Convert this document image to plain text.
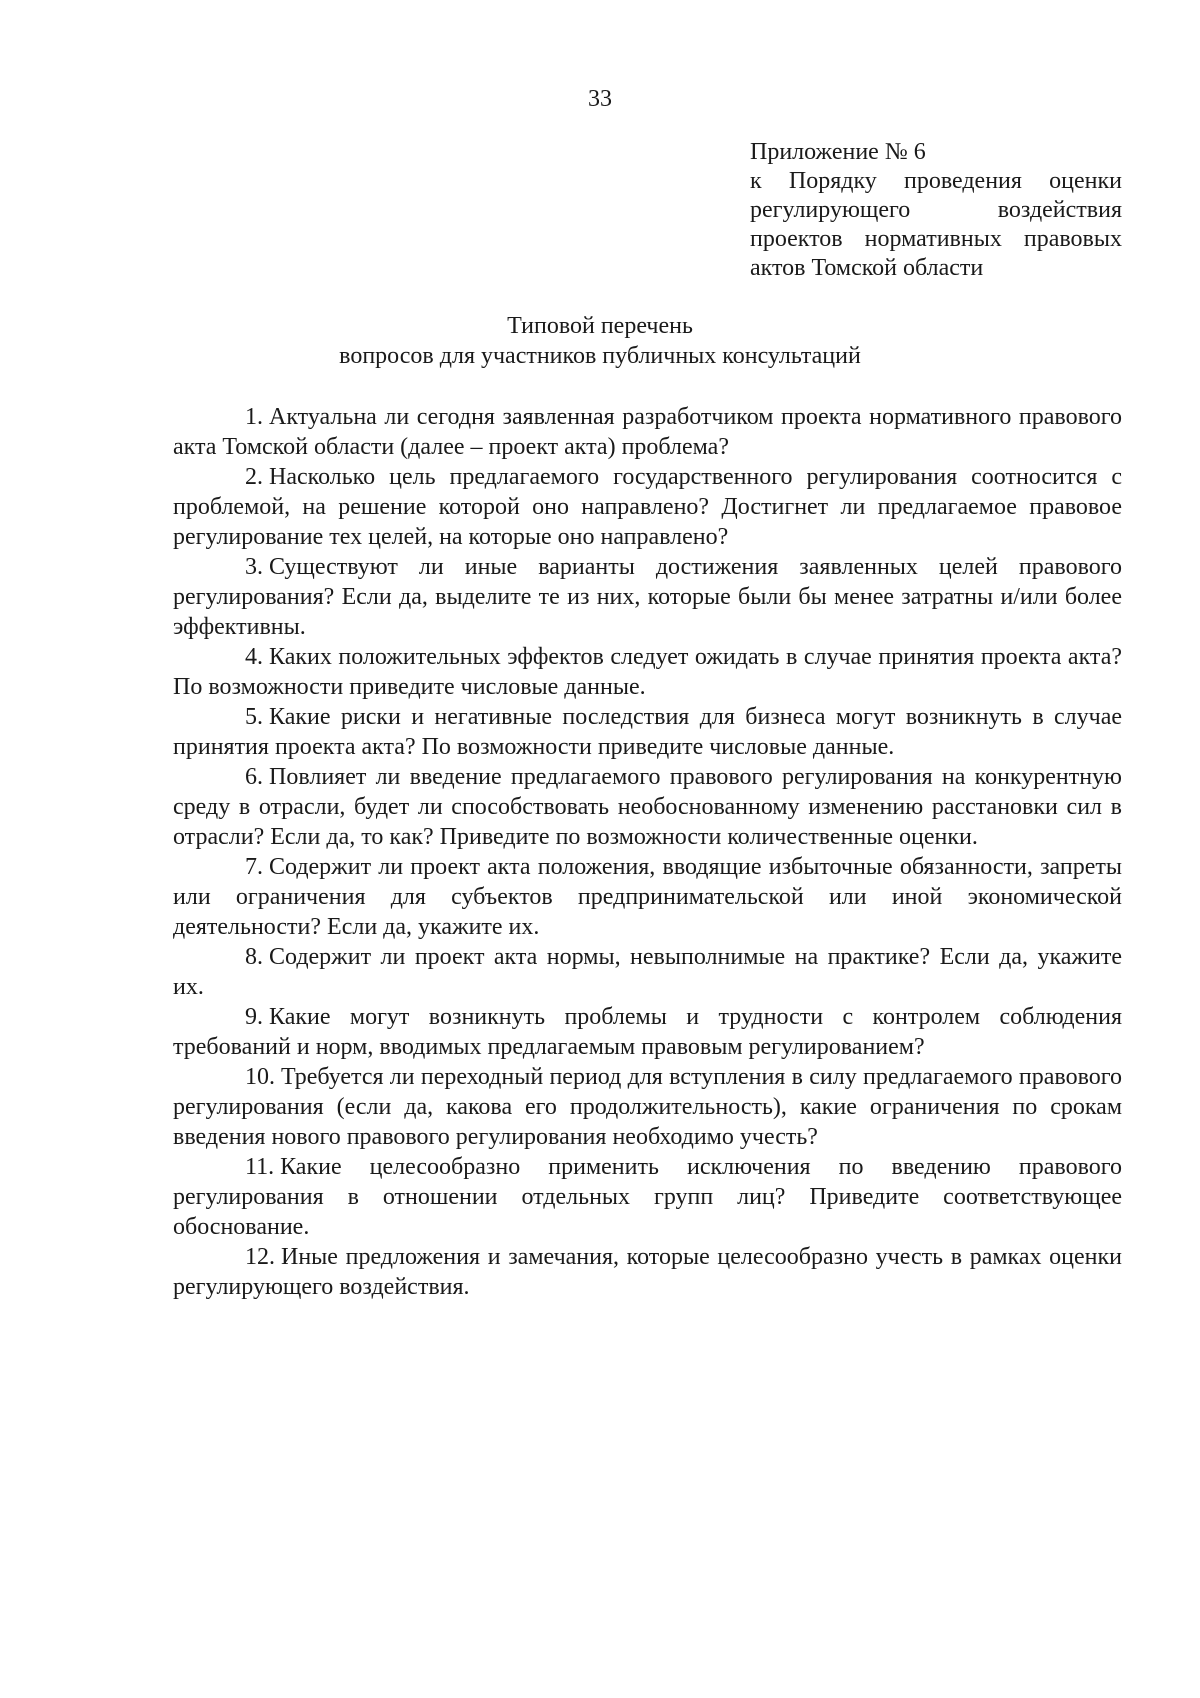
33
Приложение № 6
к Порядку проведения оценки
регулирующего воздействия
проектов нормативных правовых
актов Томской области
Типовой перечень
вопросов для участников публичных консультаций

1. Актуальна ли сегодня заявленная разработчиком проекта нормативного правового акта Томской области (далее – проект акта) проблема?

2. Насколько цель предлагаемого государственного регулирования соотносится с проблемой, на решение которой оно направлено? Достигнет ли предлагаемое правовое регулирование тех целей, на которые оно направлено?

3. Существуют ли иные варианты достижения заявленных целей правового регулирования? Если да, выделите те из них, которые были бы менее затратны и/или более эффективны.

4. Каких положительных эффектов следует ожидать в случае принятия проекта акта? По возможности приведите числовые данные.

5. Какие риски и негативные последствия для бизнеса могут возникнуть в случае принятия проекта акта? По возможности приведите числовые данные.

6. Повлияет ли введение предлагаемого правового регулирования на конкурентную среду в отрасли, будет ли способствовать необоснованному изменению расстановки сил в отрасли? Если да, то как? Приведите по возможности количественные оценки.

7. Содержит ли проект акта положения, вводящие избыточные обязанности, запреты или ограничения для субъектов предпринимательской или иной экономической деятельности? Если да, укажите их.

8. Содержит ли проект акта нормы, невыполнимые на практике? Если да, укажите их.

9. Какие могут возникнуть проблемы и трудности с контролем соблюдения требований и норм, вводимых предлагаемым правовым регулированием?

10. Требуется ли переходный период для вступления в силу предлагаемого правового регулирования (если да, какова его продолжительность), какие ограничения по срокам введения нового правового регулирования необходимо учесть?

11. Какие целесообразно применить исключения по введению правового регулирования в отношении отдельных групп лиц? Приведите соответствующее обоснование.

12. Иные предложения и замечания, которые целесообразно учесть в рамках оценки регулирующего воздействия.
